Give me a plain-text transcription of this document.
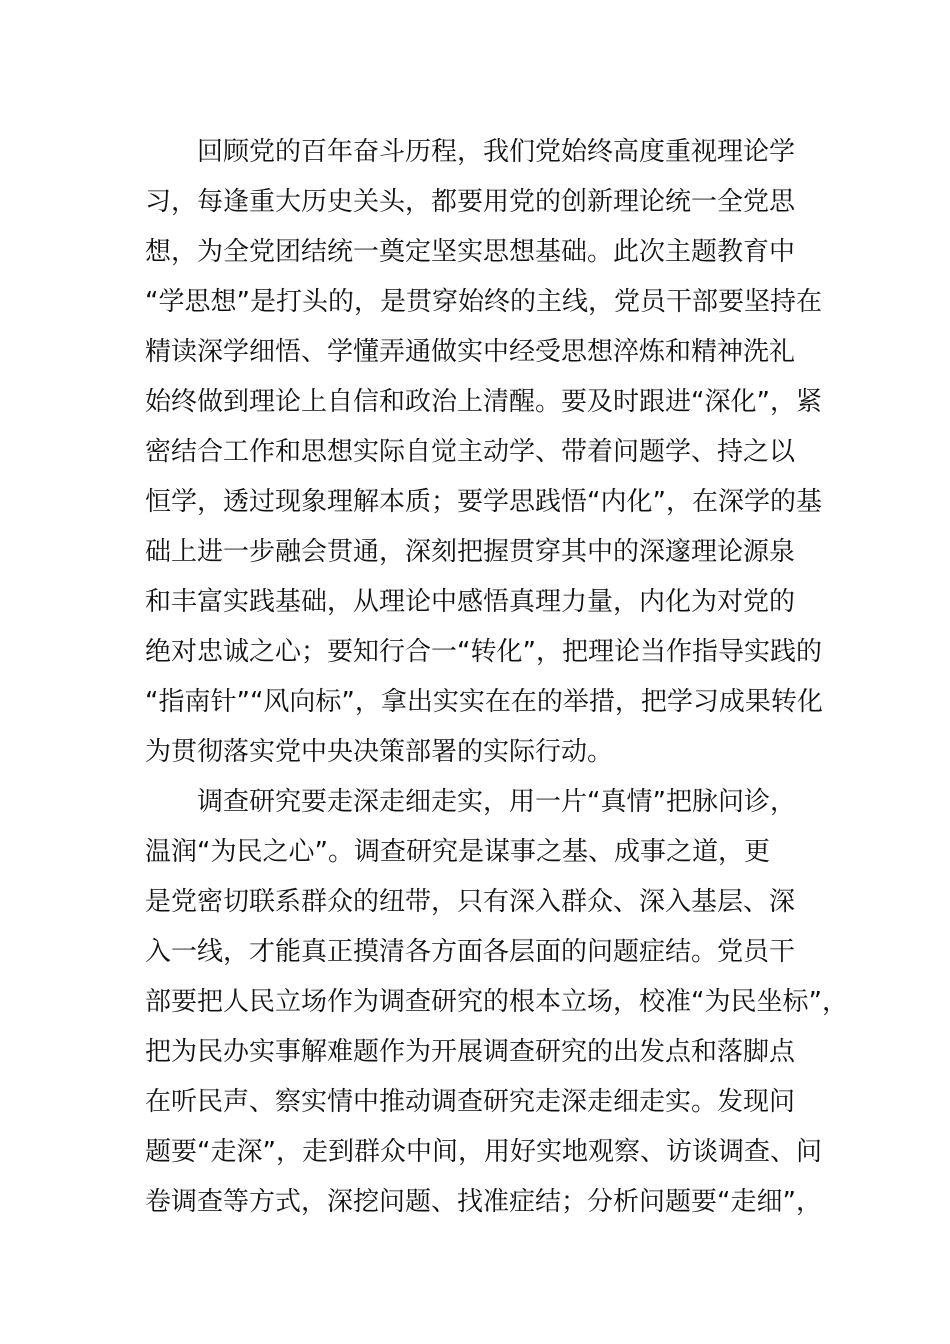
回顾党的百年奋斗历程，我们党始终高度重视理论学
习，每逢重大历史关头，都要用党的创新理论统一全党思
想，为全党团结统一奠定坚实思想基础。此次主题教育中
“学思想”是打头的，是贯穿始终的主线，党员干部要坚持在
精读深学细悟、学懂弄通做实中经受思想淬炼和精神洗礼
始终做到理论上自信和政治上清醒。要及时跟进“深化”，紧
密结合工作和思想实际自觉主动学、带着问题学、持之以
恒学，透过现象理解本质；要学思践悟“内化”，在深学的基
础上进一步融会贯通，深刻把握贯穿其中的深邃理论源泉
和丰富实践基础，从理论中感悟真理力量，内化为对党的
绝对忠诚之心；要知行合一“转化”，把理论当作指导实践的
“指南针”“风向标”，拿出实实在在的举措，把学习成果转化
为贯彻落实党中央决策部署的实际行动。
调查研究要走深走细走实，用一片“真情”把脉问诊，
温润“为民之心”。调查研究是谋事之基、成事之道，更
是党密切联系群众的纽带，只有深入群众、深入基层、深
入一线，才能真正摸清各方面各层面的问题症结。党员干
部要把人民立场作为调查研究的根本立场，校准“为民坐标”，
把为民办实事解难题作为开展调查研究的出发点和落脚点
在听民声、察实情中推动调查研究走深走细走实。发现问
题要“走深”，走到群众中间，用好实地观察、访谈调查、问
卷调查等方式，深挖问题、找准症结；分析问题要“走细”，
